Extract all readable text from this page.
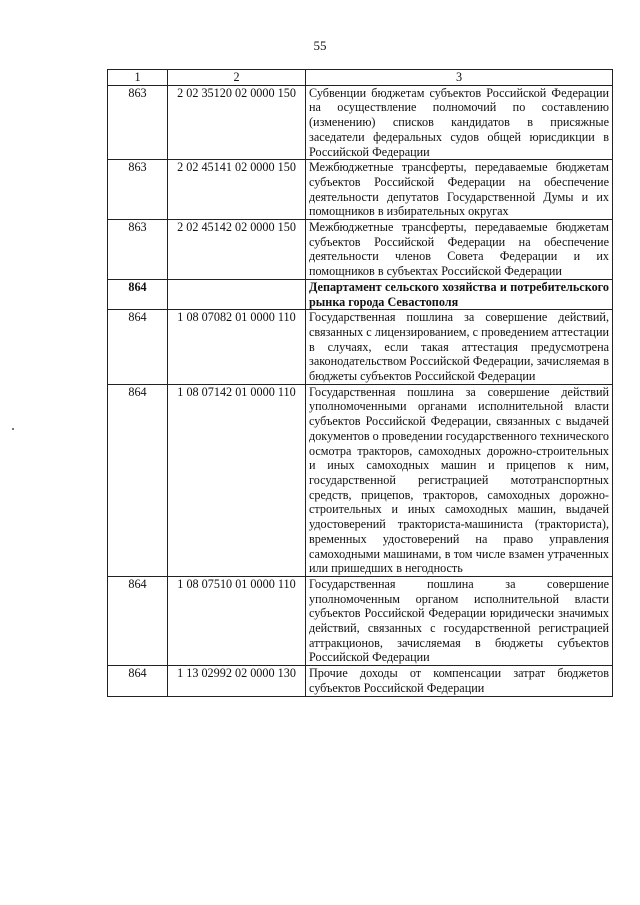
55
1	2	3
863	2 02 35120 02 0000 150	Субвенции бюджетам субъектов Российской Федерации на осуществление полномочий по составлению (изменению) списков кандидатов в присяжные заседатели федеральных судов общей юрисдикции в Российской Федерации
863	2 02 45141 02 0000 150	Межбюджетные трансферты, передаваемые бюджетам субъектов Российской Федерации на обеспечение деятельности депутатов Государственной Думы и их помощников в избирательных округах
863	2 02 45142 02 0000 150	Межбюджетные трансферты, передаваемые бюджетам субъектов Российской Федерации на обеспечение деятельности членов Совета Федерации и их помощников в субъектах Российской Федерации
864		Департамент сельского хозяйства и потребительского рынка города Севастополя
864	1 08 07082 01 0000 110	Государственная пошлина за совершение действий, связанных с лицензированием, с проведением аттестации в случаях, если такая аттестация предусмотрена законодательством Российской Федерации, зачисляемая в бюджеты субъектов Российской Федерации
864	1 08 07142 01 0000 110	Государственная пошлина за совершение действий уполномоченными органами исполнительной власти субъектов Российской Федерации, связанных с выдачей документов о проведении государственного технического осмотра тракторов, самоходных дорожно-строительных и иных самоходных машин и прицепов к ним, государственной регистрацией мототранспортных средств, прицепов, тракторов, самоходных дорожно-строительных и иных самоходных машин, выдачей удостоверений тракториста-машиниста (тракториста), временных удостоверений на право управления самоходными машинами, в том числе взамен утраченных или пришедших в негодность
864	1 08 07510 01 0000 110	Государственная пошлина за совершение уполномоченным органом исполнительной власти субъектов Российской Федерации юридически значимых действий, связанных с государственной регистрацией аттракционов, зачисляемая в бюджеты субъектов Российской Федерации
864	1 13 02992 02 0000 130	Прочие доходы от компенсации затрат бюджетов субъектов Российской Федерации
